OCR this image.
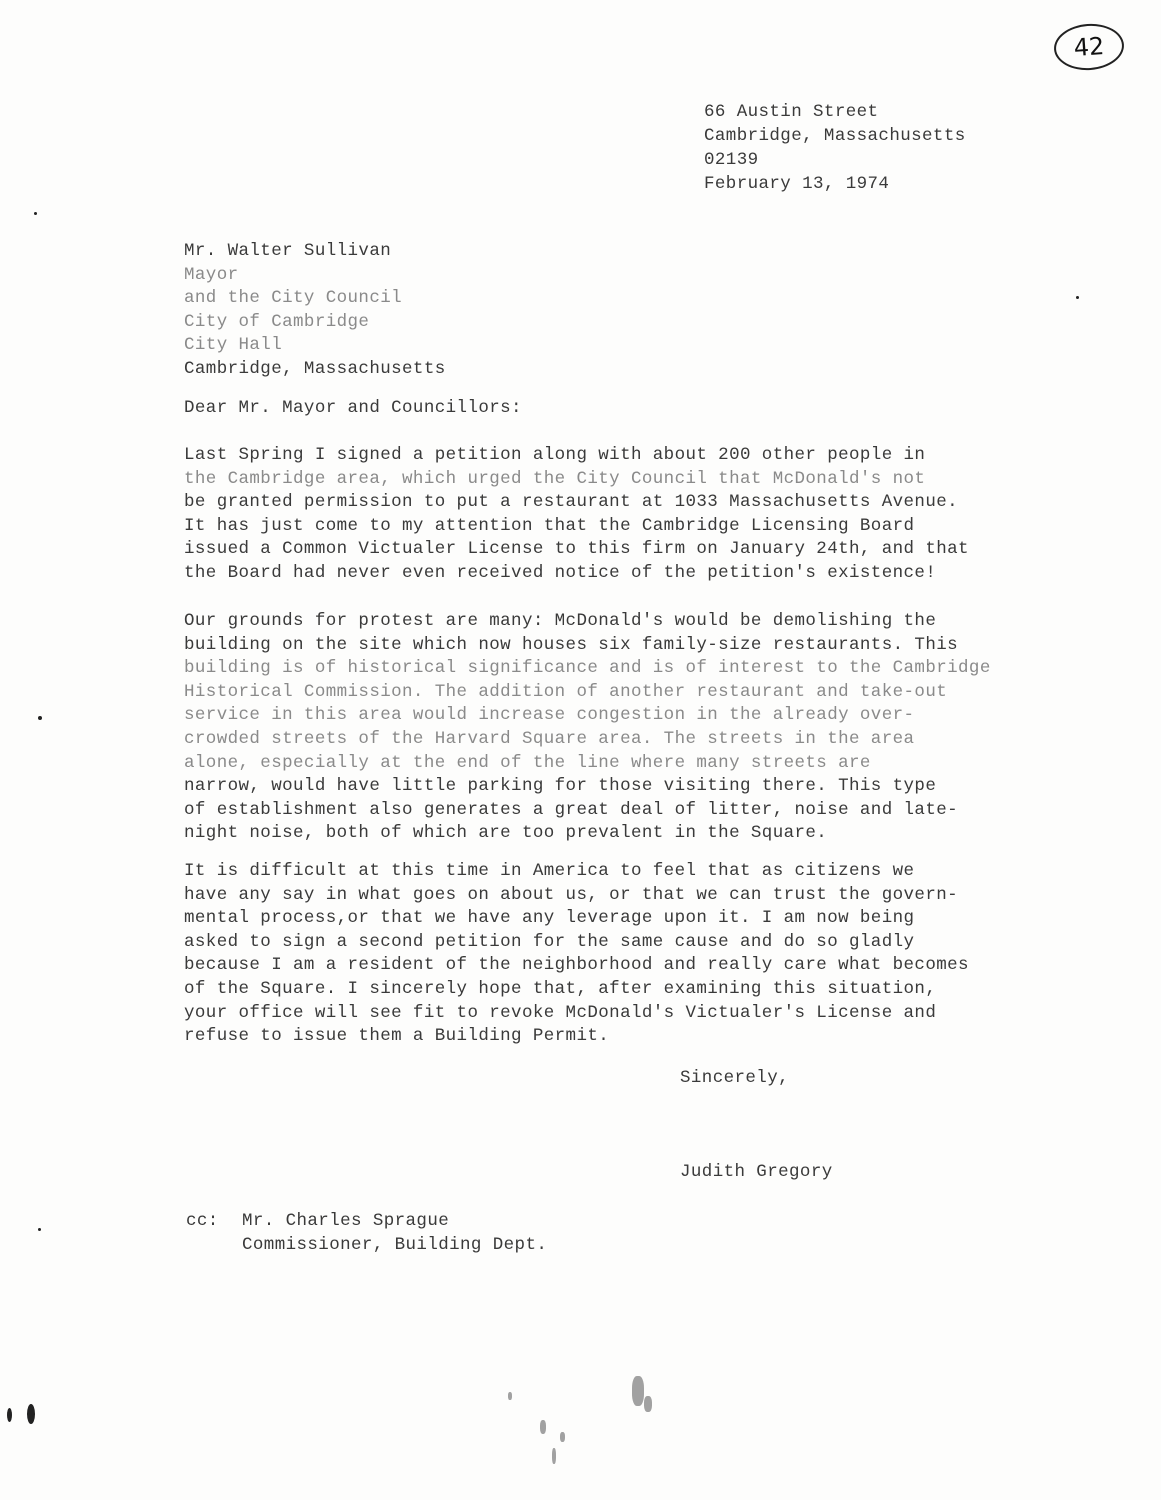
42
66 Austin Street
Cambridge, Massachusetts
02139
February 13, 1974
Mr. Walter Sullivan
Mayor
and the City Council
City of Cambridge
City Hall
Cambridge, Massachusetts
Dear Mr. Mayor and Councillors:
Last Spring I signed a petition along with about 200 other people in
the Cambridge area, which urged the City Council that McDonald's not
be granted permission to put a restaurant at 1033 Massachusetts Avenue.
It has just come to my attention that the Cambridge Licensing Board
issued a Common Victualer License to this firm on January 24th, and that
the Board had never even received notice of the petition's existence!
Our grounds for protest are many: McDonald's would be demolishing the
building on the site which now houses six family-size restaurants. This
building is of historical significance and is of interest to the Cambridge
Historical Commission. The addition of another restaurant and take-out
service in this area would increase congestion in the already over-
crowded streets of the Harvard Square area. The streets in the area
alone, especially at the end of the line where many streets are
narrow, would have little parking for those visiting there. This type
of establishment also generates a great deal of litter, noise and late-
night noise, both of which are too prevalent in the Square.
It is difficult at this time in America to feel that as citizens we
have any say in what goes on about us, or that we can trust the govern-
mental process,or that we have any leverage upon it. I am now being
asked to sign a second petition for the same cause and do so gladly
because I am a resident of the neighborhood and really care what becomes
of the Square. I sincerely hope that, after examining this situation,
your office will see fit to revoke McDonald's Victualer's License and
refuse to issue them a Building Permit.
Sincerely,
Judith Gregory
cc: Mr. Charles Sprague
Commissioner, Building Dept.
